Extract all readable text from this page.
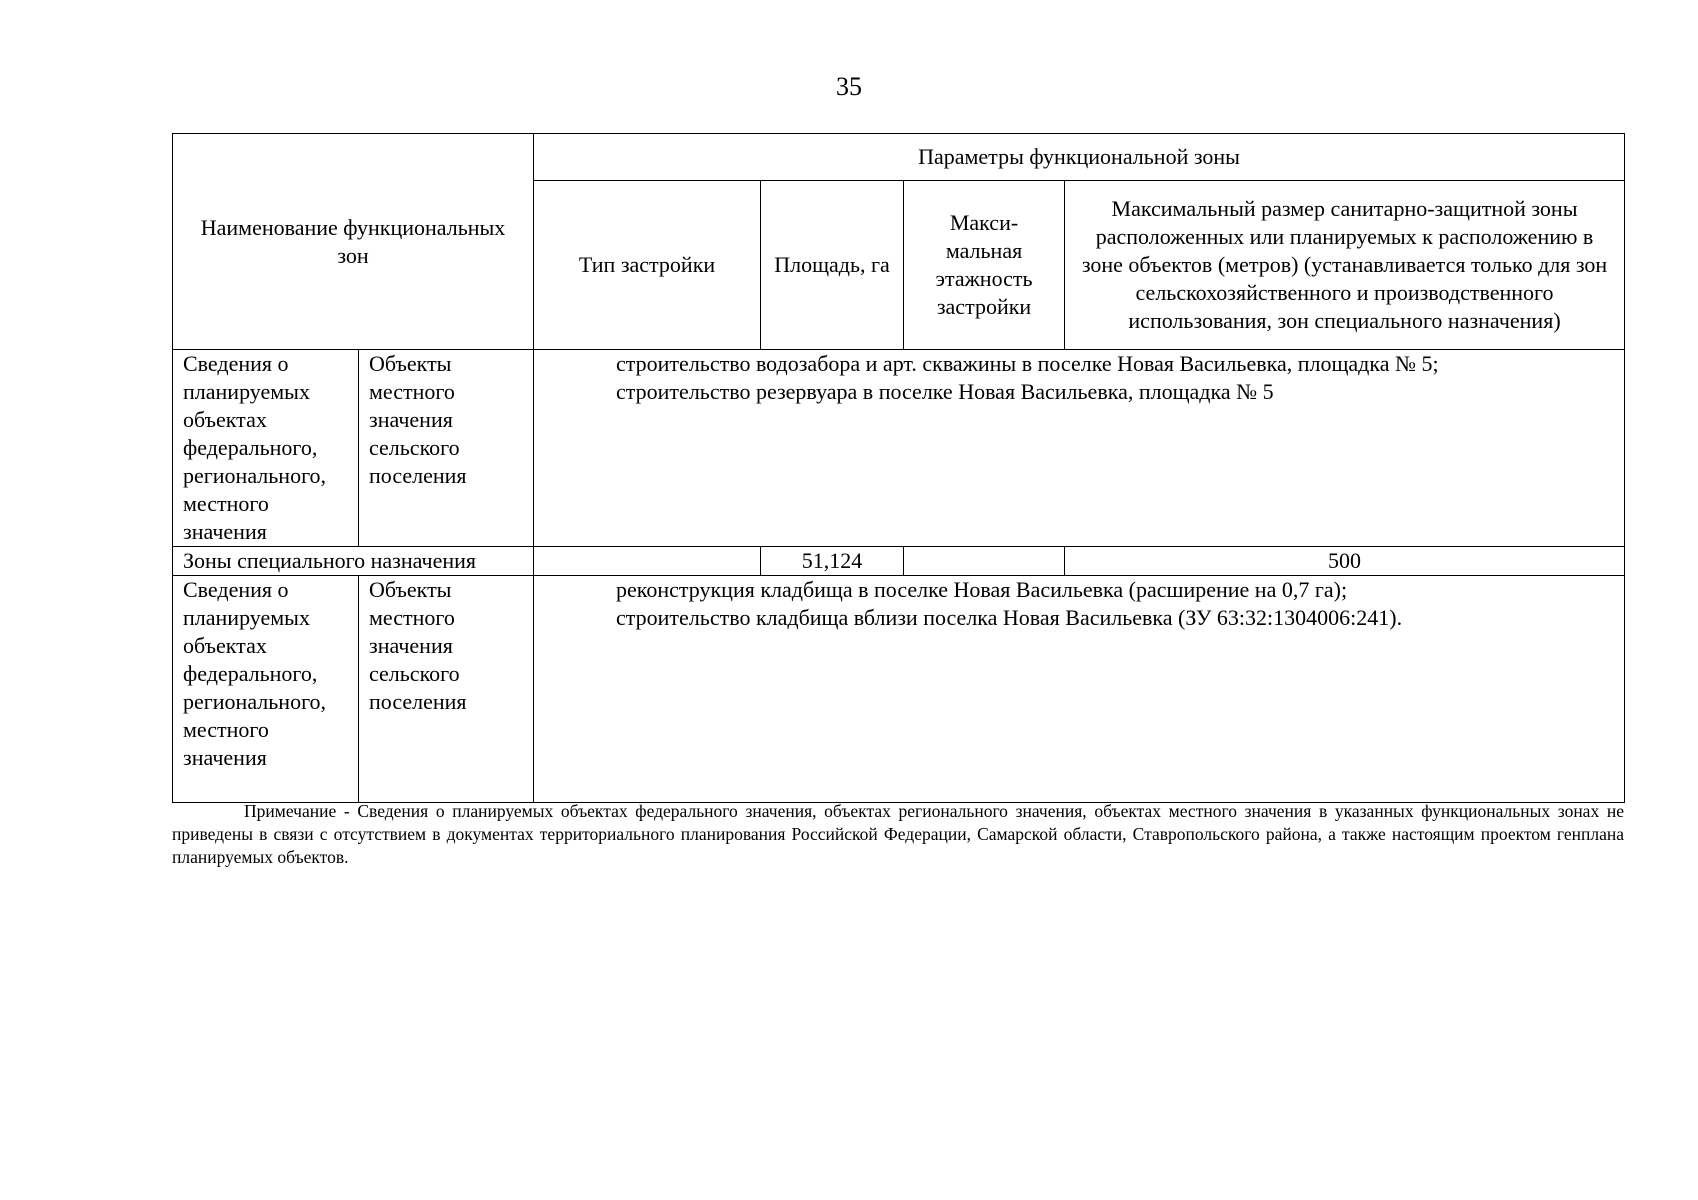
35
Наименование функциональных зон		Параметры функциональной зоны			
		Тип застройки	Площадь, га	Макси-мальная этажность застройки	Максимальный размер санитарно-защитной зоны расположенных или планируемых к расположению в зоне объектов (метров) (устанавливается только для зон сельскохозяйственного и производственного использования, зон специального назначения)
Сведения о планируемых объектах федерального, регионального, местного значения	Объекты местного значения сельского поселения	строительство водозабора и арт. скважины в поселке Новая Васильевка, площадка № 5;
строительство резервуара в поселке Новая Васильевка, площадка № 5			

Зоны специального назначения			51,124		500
Сведения о планируемых объектах федерального, регионального, местного значения	Объекты местного значения сельского поселения	реконструкция кладбища в поселке Новая Васильевка (расширение на 0,7 га);
строительство кладбища вблизи поселка Новая Васильевка (ЗУ 63:32:1304006:241).			
Примечание - Сведения о планируемых объектах федерального значения, объектах регионального значения, объектах местного значения в указанных функциональных зонах не приведены в связи с отсутствием в документах территориального планирования Российской Федерации, Самарской области, Ставропольского района, а также настоящим проектом генплана планируемых объектов.
